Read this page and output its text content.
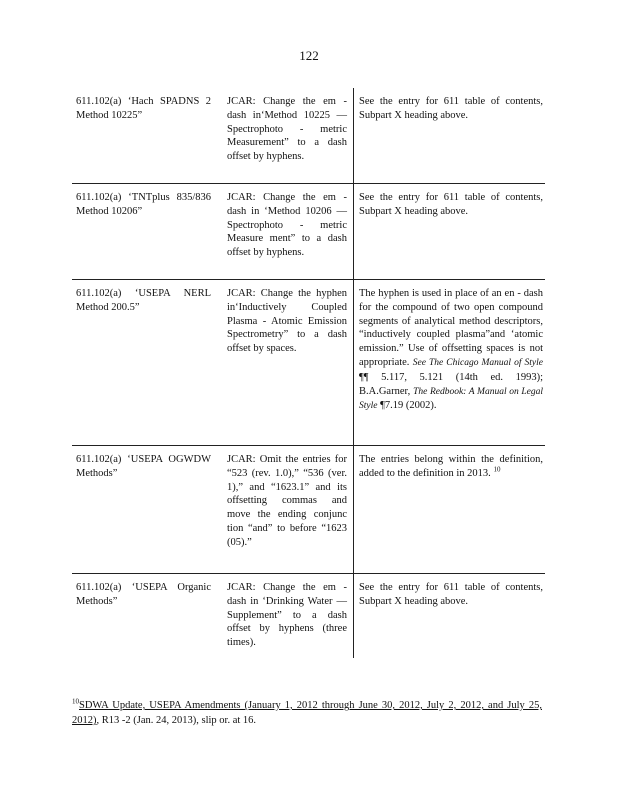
122
611.102(a) ‘Hach SPADNS 2 Method 10225”	JCAR: Change the em - dash in‘Method 10225 — Spectrophoto - metric Measurement” to a dash offset by hyphens.	See the entry for 611 table of contents, Subpart X heading above.
611.102(a) ‘TNTplus 835/836 Method 10206”	JCAR: Change the em - dash in ‘Method 10206 — Spectrophoto - metric Measure ment” to a dash offset by hyphens.	See the entry for 611 table of contents, Subpart X heading above.
611.102(a) ‘USEPA NERL Method 200.5”	JCAR: Change the hyphen in‘Inductively Coupled Plasma - Atomic Emission Spectrometry” to a dash offset by spaces.	The hyphen is used in place of an en - dash for the compound of two open compound segments of analytical method descriptors, “inductively coupled plasma”and ‘atomic emission.” Use of offsetting spaces is not appropriate. See The Chicago Manual of Style ¶¶ 5.117, 5.121 (14th ed. 1993); B.A.Garner, The Redbook: A Manual on Legal Style ¶7.19 (2002).
611.102(a) ‘USEPA OGWDW Methods”	JCAR: Omit the entries for “523 (rev. 1.0),” “536 (ver. 1),” and “1623.1” and its offsetting commas and move the ending conjunc tion “and” to before “1623 (05).”	The entries belong within the definition, added to the definition in 2013. $^{10}$
611.102(a) ‘USEPA Organic Methods”	JCAR: Change the em - dash in ‘Drinking Water — Supplement” to a dash offset by hyphens (three times).	See the entry for 611 table of contents, Subpart X heading above.
$^{10}$SDWA Update, USEPA Amendments (January 1, 2012 through June 30, 2012, July 2, 2012, and July 25, 2012), R13 -2 (Jan. 24, 2013), slip or. at 16.
